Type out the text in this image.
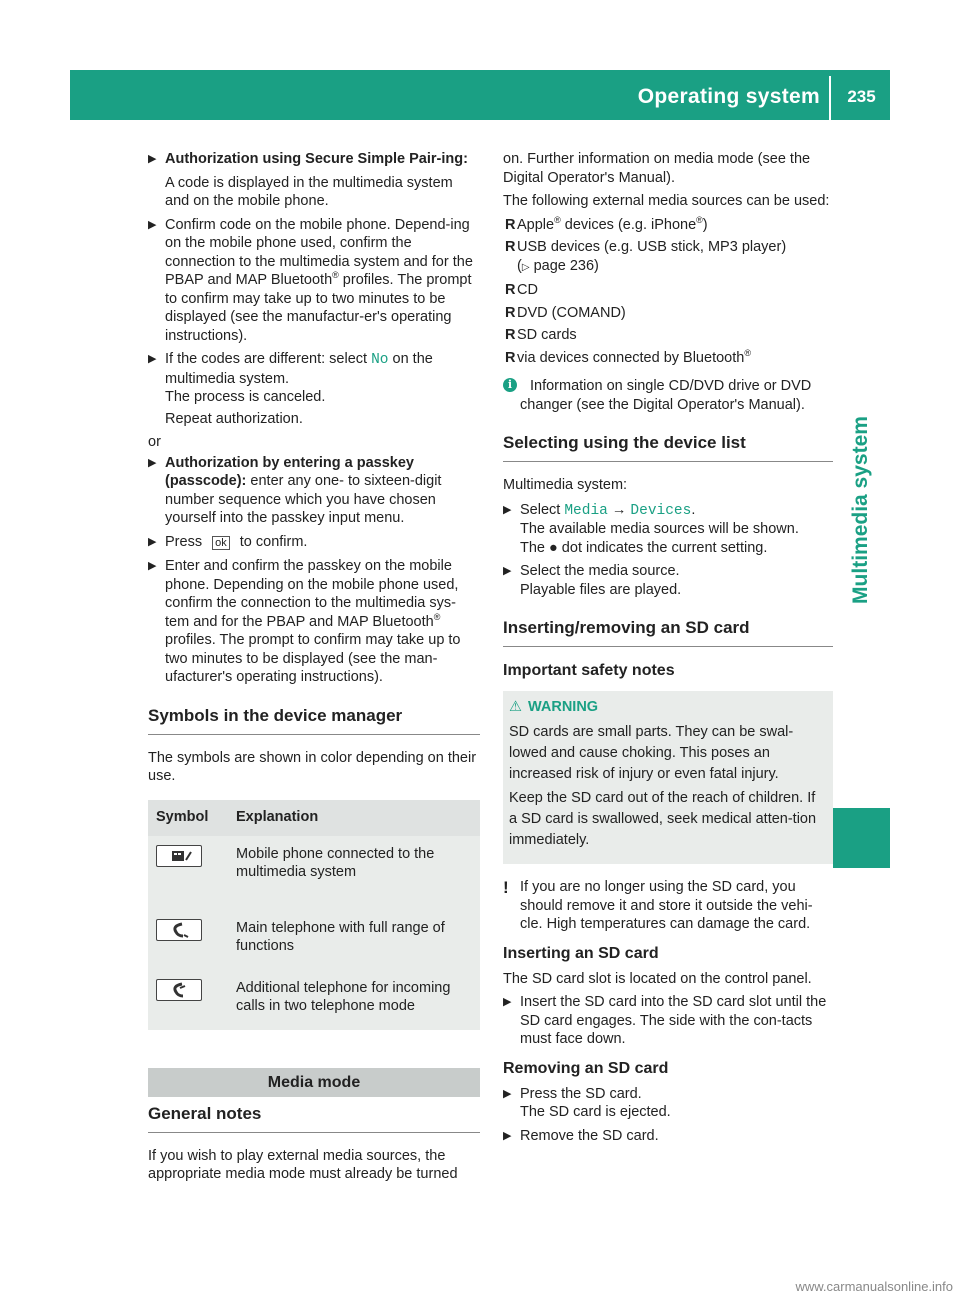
Operating system	235
Multimedia system
▶ Authorization using Secure Simple Pair-ing:

A code is displayed in the multimedia system and on the mobile phone.

▶ Confirm code on the mobile phone. Depend-ing on the mobile phone used, confirm the connection to the multimedia system and for the PBAP and MAP Bluetooth® profiles. The prompt to confirm may take up to two minutes to be displayed (see the manufactur-er's operating instructions).
▶ If the codes are different: select No on the multimedia system.
The process is canceled.

Repeat authorization.

or

▶ Authorization by entering a passkey (passcode): enter any one- to sixteen-digit number sequence which you have chosen yourself into the passkey input menu.
▶ Press ok to confirm.
▶ Enter and confirm the passkey on the mobile phone. Depending on the mobile phone used, confirm the connection to the multimedia sys-tem and for the PBAP and MAP Bluetooth® profiles. The prompt to confirm may take up to two minutes to be displayed (see the man-ufacturer's operating instructions).
Symbols in the device manager

The symbols are shown in color depending on their use.

Symbol	Explanation
	Mobile phone connected to the multimedia system

	Main telephone with full range of functions
	Additional telephone for incoming calls in two telephone mode
Media mode
General notes

If you wish to play external media sources, the appropriate media mode must already be turned

on. Further information on media mode (see the Digital Operator's Manual).

The following external media sources can be used:

R Apple® devices (e.g. iPhone®)
R USB devices (e.g. USB stick, MP3 player)
(▷ page 236)
R CD
R DVD (COMAND)
R SD cards
R via devices connected by Bluetooth®
i	Information on single CD/DVD drive or DVD changer (see the Digital Operator's Manual).
Selecting using the device list

Multimedia system:

▶ Select Media → Devices.
The available media sources will be shown.
The ● dot indicates the current setting.
▶ Select the media source.
Playable files are played.
Inserting/removing an SD card
Important safety notes
⚠ WARNING

SD cards are small parts. They can be swal-lowed and cause choking. This poses an increased risk of injury or even fatal injury.

Keep the SD card out of the reach of children. If a SD card is swallowed, seek medical atten-tion immediately.

! If you are no longer using the SD card, you should remove it and store it outside the vehi-cle. High temperatures can damage the card.
Inserting an SD card

The SD card slot is located on the control panel.

▶ Insert the SD card into the SD card slot until the SD card engages. The side with the con-tacts must face down.
Removing an SD card
▶ Press the SD card.
The SD card is ejected.
▶ Remove the SD card.
www.carmanualsonline.info
